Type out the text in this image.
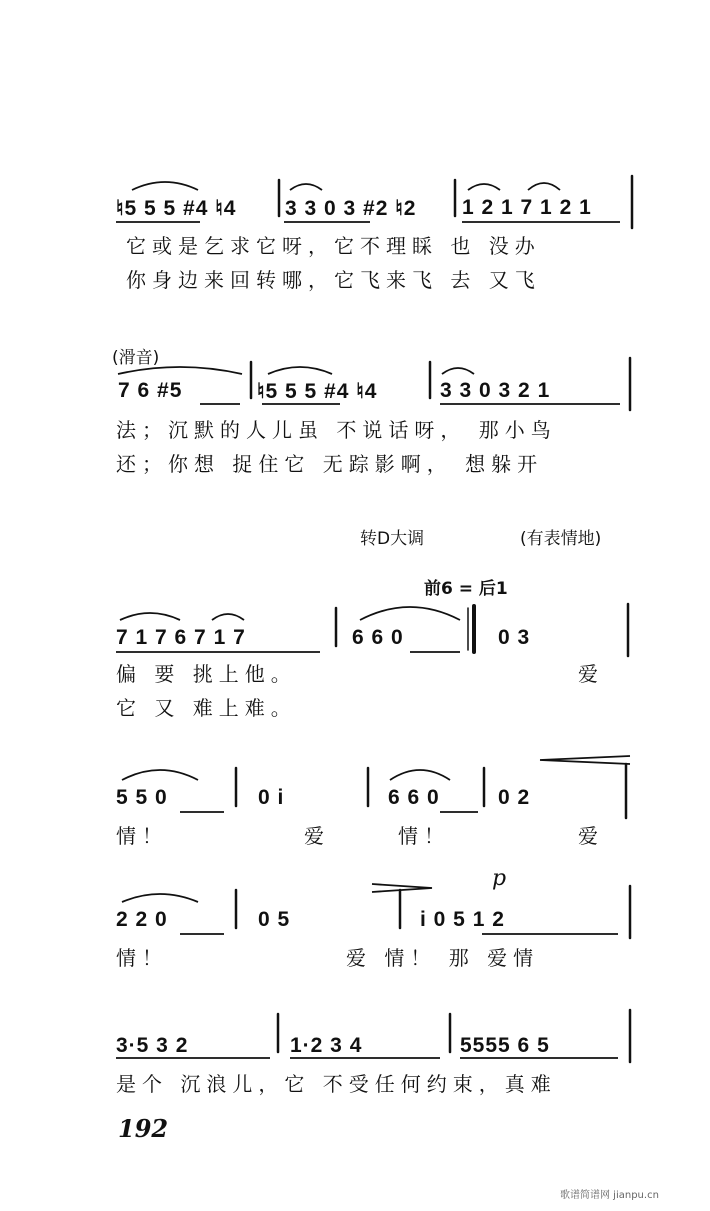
♮5 5 5 #4 ♮4 3 3 0 3 #2 ♮2 1 2 1 7 1 2 1
它或是乞求它呀，它不理睬 也 没办
你身边来回转哪，它飞来飞 去 又飞
(滑音)
7 6 #5	♮5 5 5 #4 ♮4	3 3 0 3 2 1
法；沉默的人儿虽 不说话呀， 那小鸟
还；你想 捉住它 无踪影啊， 想躲开
转D大调	(有表情地)
前6 = 后1
7 1 7 6 7 1 7	6 6 0	0 3
偏 要 挑上他。	爱
它 又 难上难。
5 5 0	0 i	6 6 0	0 2
情！	爱	情！	爱
p
2 2 0	0 5	i 0 5 1 2
情！	爱 情！ 那 爱情
3·5 3 2	1·2 3 4	5555 6 5
是个 沉浪儿，它 不受任何约束，真难
192
歌谱简谱网 jianpu.cn
